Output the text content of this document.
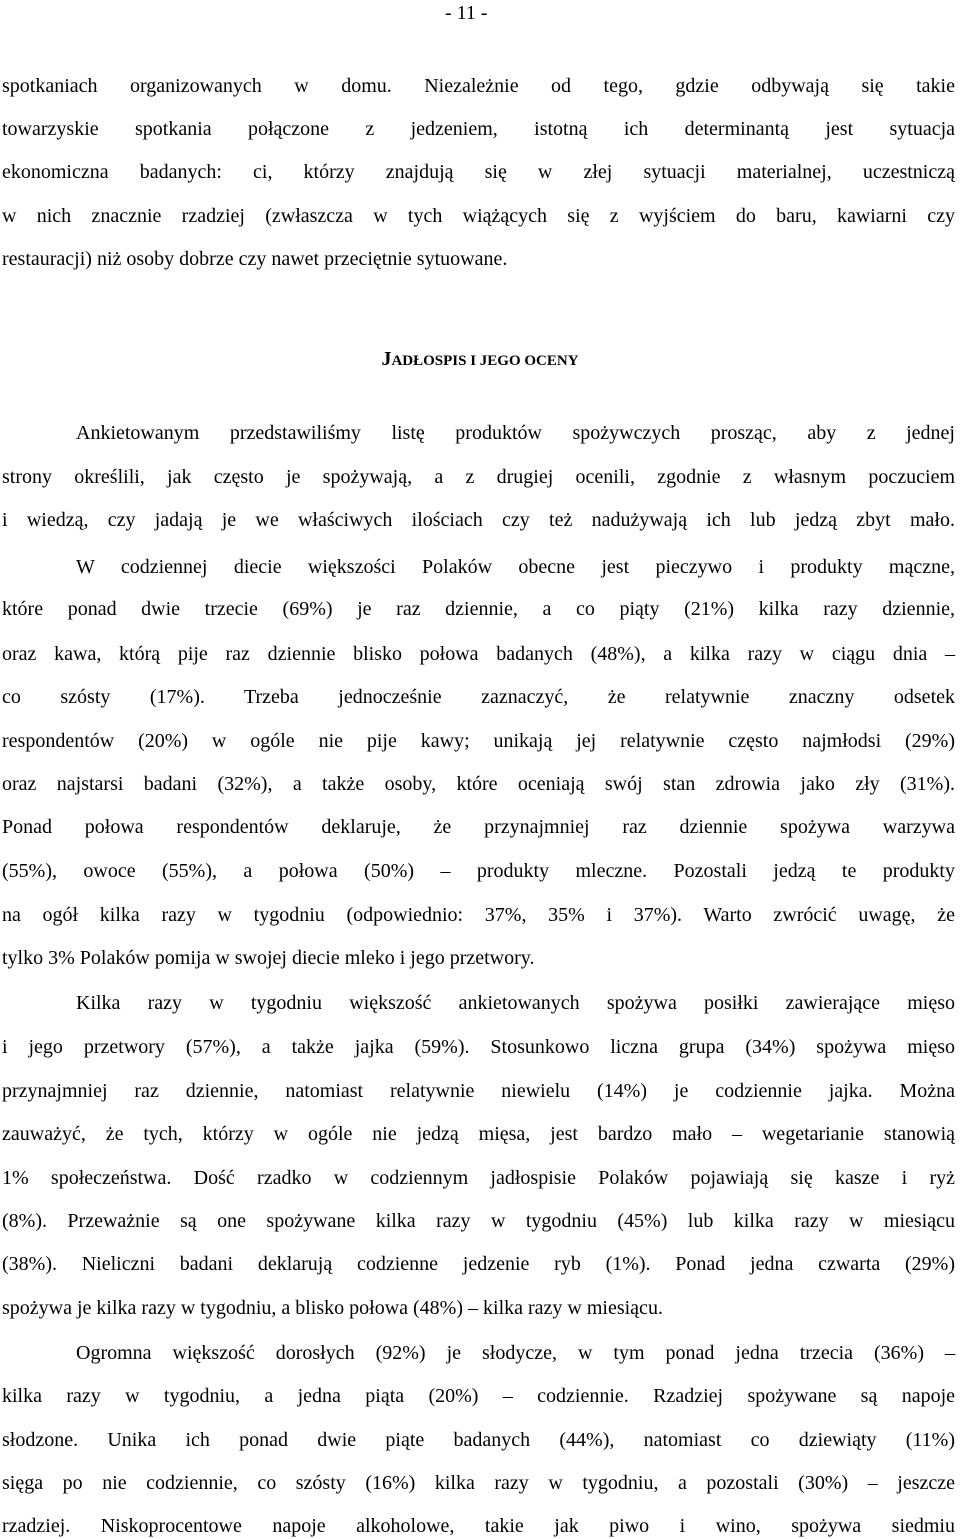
- 11 -
spotkaniach organizowanych w domu. Niezależnie od tego, gdzie odbywają się takie
towarzyskie spotkania połączone z jedzeniem, istotną ich determinantą jest sytuacja
ekonomiczna badanych: ci, którzy znajdują się w złej sytuacji materialnej, uczestniczą
w nich znacznie rzadziej (zwłaszcza w tych wiążących się z wyjściem do baru, kawiarni czy
restauracji) niż osoby dobrze czy nawet przeciętnie sytuowane.
JADŁOSPIS I JEGO OCENY
Ankietowanym przedstawiliśmy listę produktów spożywczych prosząc, aby z jednej
strony określili, jak często je spożywają, a z drugiej ocenili, zgodnie z własnym poczuciem
i wiedzą, czy jadają je we właściwych ilościach czy też nadużywają ich lub jedzą zbyt mało.
W codziennej diecie większości Polaków obecne jest pieczywo i produkty mączne,
które ponad dwie trzecie (69%) je raz dziennie, a co piąty (21%) kilka razy dziennie,
oraz kawa, którą pije raz dziennie blisko połowa badanych (48%), a kilka razy w ciągu dnia –
co szósty (17%). Trzeba jednocześnie zaznaczyć, że relatywnie znaczny odsetek
respondentów (20%) w ogóle nie pije kawy; unikają jej relatywnie często najmłodsi (29%)
oraz najstarsi badani (32%), a także osoby, które oceniają swój stan zdrowia jako zły (31%).
Ponad połowa respondentów deklaruje, że przynajmniej raz dziennie spożywa warzywa
(55%), owoce (55%), a połowa (50%) – produkty mleczne. Pozostali jedzą te produkty
na ogół kilka razy w tygodniu (odpowiednio: 37%, 35% i 37%). Warto zwrócić uwagę, że
tylko 3% Polaków pomija w swojej diecie mleko i jego przetwory.
Kilka razy w tygodniu większość ankietowanych spożywa posiłki zawierające mięso
i jego przetwory (57%), a także jajka (59%). Stosunkowo liczna grupa (34%) spożywa mięso
przynajmniej raz dziennie, natomiast relatywnie niewielu (14%) je codziennie jajka. Można
zauważyć, że tych, którzy w ogóle nie jedzą mięsa, jest bardzo mało – wegetarianie stanowią
1% społeczeństwa. Dość rzadko w codziennym jadłospisie Polaków pojawiają się kasze i ryż
(8%). Przeważnie są one spożywane kilka razy w tygodniu (45%) lub kilka razy w miesiącu
(38%). Nieliczni badani deklarują codzienne jedzenie ryb (1%). Ponad jedna czwarta (29%)
spożywa je kilka razy w tygodniu, a blisko połowa (48%) – kilka razy w miesiącu.
Ogromna większość dorosłych (92%) je słodycze, w tym ponad jedna trzecia (36%) –
kilka razy w tygodniu, a jedna piąta (20%) – codziennie. Rzadziej spożywane są napoje
słodzone. Unika ich ponad dwie piąte badanych (44%), natomiast co dziewiąty (11%)
sięga po nie codziennie, co szósty (16%) kilka razy w tygodniu, a pozostali (30%) – jeszcze
rzadziej. Niskoprocentowe napoje alkoholowe, takie jak piwo i wino, spożywa siedmiu
